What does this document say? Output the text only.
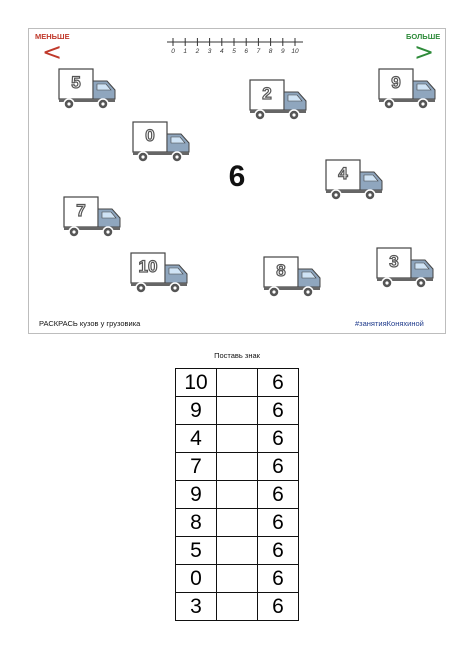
МЕНЬШЕ
<
БОЛЬШЕ
>
0 1 2 3 4 5 6 7 8 9 10
5
2
9
0
4
7
10	8	3
6
РАСКРАСЬ кузов у грузовика	#занятияКоняхиной
Поставь знак
10		6
9		6
4		6
7		6
9		6
8		6
5		6
0		6
3		6
